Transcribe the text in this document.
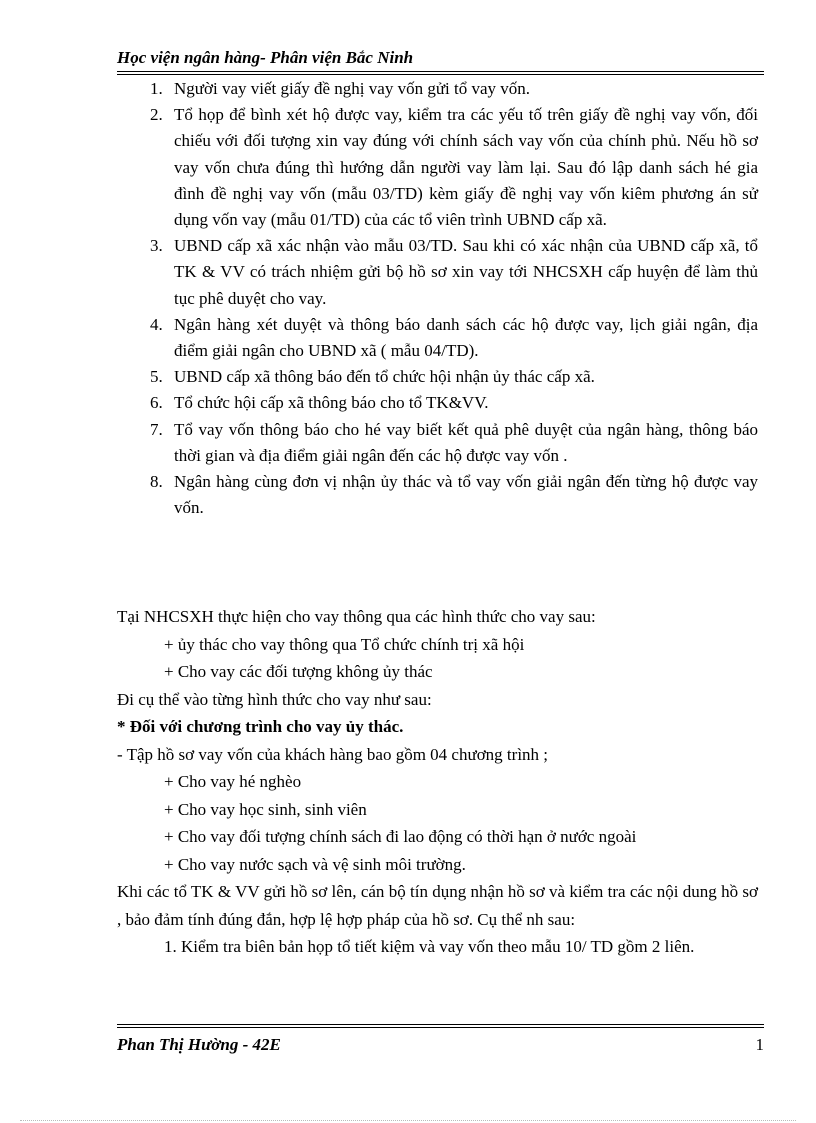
Học viện ngân hàng- Phân viện Bắc Ninh
1. Người vay viết giấy đề nghị vay vốn gửi tổ vay vốn.
2. Tổ họp để bình xét hộ được vay, kiểm tra các yếu tố trên giấy đề nghị vay vốn, đối chiếu với đối tượng xin vay đúng với chính sách vay vốn của chính phủ. Nếu hồ sơ vay vốn chưa đúng thì hướng dẫn người vay làm lại. Sau đó lập danh sách hé gia đình đề nghị vay vốn (mẫu 03/TD) kèm giấy đề nghị vay vốn kiêm phương án sử dụng vốn vay (mẫu 01/TD) của các tổ viên trình UBND cấp xã.
3. UBND cấp xã xác nhận vào mẫu 03/TD. Sau khi có xác nhận của UBND cấp xã, tổ TK & VV có trách nhiệm gửi bộ hồ sơ xin vay tới NHCSXH cấp huyện để làm thủ tục phê duyệt cho vay.
4. Ngân hàng xét duyệt và thông báo danh sách các hộ được vay, lịch giải ngân, địa điểm giải ngân cho UBND xã ( mẫu 04/TD).
5. UBND cấp xã thông báo đến tổ chức hội nhận ủy thác cấp xã.
6. Tổ chức hội cấp xã thông báo cho tổ TK&VV.
7. Tổ vay vốn thông báo cho hé vay biết kết quả phê duyệt của ngân hàng, thông báo thời gian và địa điểm giải ngân đến các hộ được vay vốn .
8. Ngân hàng cùng đơn vị nhận ủy thác và tổ vay vốn giải ngân đến từng hộ được vay vốn.

Tại NHCSXH thực hiện cho vay thông qua các hình thức cho vay sau:

+ ủy thác cho vay thông qua Tổ chức chính trị xã hội

+ Cho vay các đối tượng không ủy thác

Đi cụ thể vào từng hình thức cho vay như sau:

* Đối với chương trình cho vay ủy thác.

- Tập hồ sơ vay vốn của khách hàng bao gồm 04 chương trình ;

+ Cho vay hé nghèo

+ Cho vay học sinh, sinh viên

+ Cho vay đối tượng chính sách đi lao động có thời hạn ở nước ngoài

+ Cho vay nước sạch và vệ sinh môi trường.

Khi các tổ TK & VV gửi hồ sơ lên, cán bộ tín dụng nhận hồ sơ và kiểm tra các nội dung hồ sơ , bảo đảm tính đúng đắn, hợp lệ hợp pháp của hồ sơ. Cụ thể nh sau:

1. Kiểm tra biên bản họp tổ tiết kiệm và vay vốn theo mẫu 10/ TD gồm 2 liên.

Phan Thị Hường - 42E	1
